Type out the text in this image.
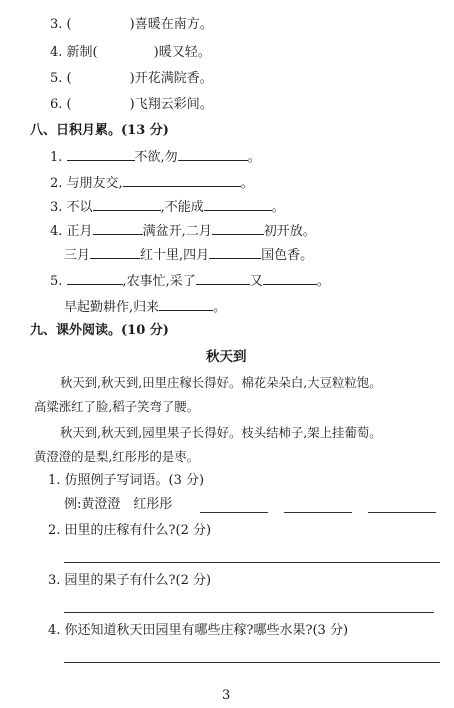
3. (	)喜暖在南方。
4. 新制(	)暖又轻。
5. (	)开花满院香。
6. (	)飞翔云彩间。
八、日积月累。(13 分)
1.	不欲,勿	。
2. 与朋友交,	。
3. 不以	,不能成	。
4. 正月	满盆开,二月	初开放。
三月	红十里,四月	国色香。
5.	,农事忙,采了	又	。
早起勤耕作,归来	。
九、课外阅读。(10 分)
秋天到
秋天到,秋天到,田里庄稼长得好。棉花朵朵白,大豆粒粒饱。
高粱涨红了脸,稻子笑弯了腰。
秋天到,秋天到,园里果子长得好。枝头结柿子,架上挂葡萄。
黄澄澄的是梨,红彤彤的是枣。
1. 仿照例子写词语。(3 分)
例:黄澄澄　红彤彤
2. 田里的庄稼有什么?(2 分)
3. 园里的果子有什么?(2 分)
4. 你还知道秋天田园里有哪些庄稼?哪些水果?(3 分)
3
